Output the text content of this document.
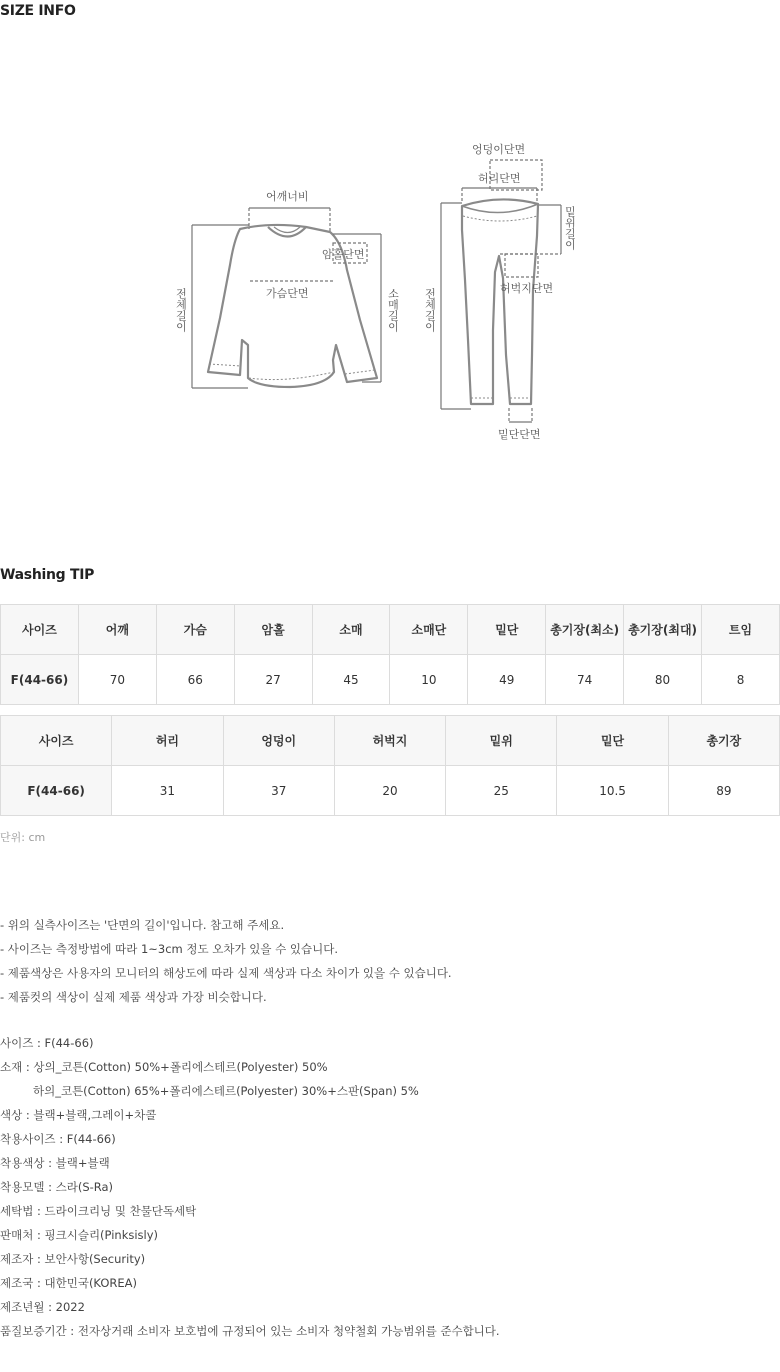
SIZE INFO
어깨너비
암홀단면
가슴단면
전체길이	소매길이
엉덩이단면
허리단면
밑위길이
허벅지단면
전체길이
밑단단면
Washing TIP
사이즈	어깨	가슴	암홀	소매	소매단	밑단	총기장(최소)	총기장(최대)	트임
F(44-66)	70	66	27	45	10	49	74	80	8
사이즈	허리	엉덩이	허벅지	밑위	밑단	총기장
F(44-66)	31	37	20	25	10.5	89
단위: cm
- 위의 실측사이즈는 '단면의 길이'입니다. 참고해 주세요.
- 사이즈는 측정방법에 따라 1~3cm 정도 오차가 있을 수 있습니다.
- 제품색상은 사용자의 모니터의 해상도에 따라 실제 색상과 다소 차이가 있을 수 있습니다.
- 제품컷의 색상이 실제 제품 색상과 가장 비슷합니다.
사이즈 : F(44-66)
소재 : 상의_코튼(Cotton) 50%+폴리에스테르(Polyester) 50%
하의_코튼(Cotton) 65%+폴리에스테르(Polyester) 30%+스판(Span) 5%
색상 : 블랙+블랙,그레이+차콜
착용사이즈 : F(44-66)
착용색상 : 블랙+블랙
착용모델 : 스라(S-Ra)
세탁법 : 드라이크리닝 및 찬물단독세탁
판매처 : 핑크시슬리(Pinksisly)
제조자 : 보안사항(Security)
제조국 : 대한민국(KOREA)
제조년월 : 2022
품질보증기간 : 전자상거래 소비자 보호법에 규정되어 있는 소비자 청약철회 가능범위를 준수합니다.
